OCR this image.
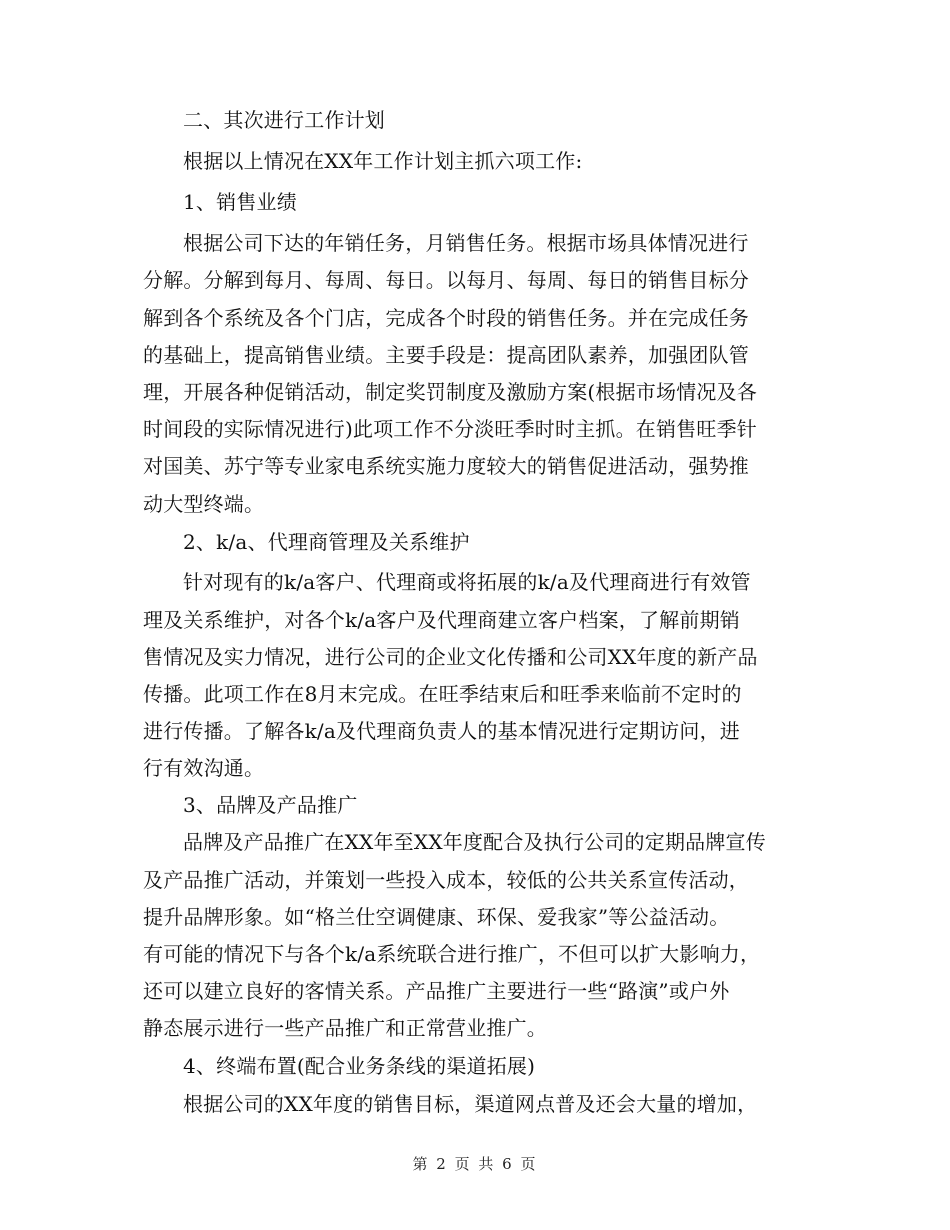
二、其次进行工作计划
根据以上情况在XX年工作计划主抓六项工作:
1、销售业绩
根据公司下达的年销任务，月销售任务。根据市场具体情况进行
分解。分解到每月、每周、每日。以每月、每周、每日的销售目标分
解到各个系统及各个门店，完成各个时段的销售任务。并在完成任务
的基础上，提高销售业绩。主要手段是：提高团队素养，加强团队管
理，开展各种促销活动，制定奖罚制度及激励方案(根据市场情况及各
时间段的实际情况进行)此项工作不分淡旺季时时主抓。在销售旺季针
对国美、苏宁等专业家电系统实施力度较大的销售促进活动，强势推
动大型终端。
2、k/a、代理商管理及关系维护
针对现有的k/a客户、代理商或将拓展的k/a及代理商进行有效管
理及关系维护，对各个k/a客户及代理商建立客户档案，了解前期销
售情况及实力情况，进行公司的企业文化传播和公司XX年度的新产品
传播。此项工作在8月末完成。在旺季结束后和旺季来临前不定时的
进行传播。了解各k/a及代理商负责人的基本情况进行定期访问，进
行有效沟通。
3、品牌及产品推广
品牌及产品推广在XX年至XX年度配合及执行公司的定期品牌宣传
及产品推广活动，并策划一些投入成本，较低的公共关系宣传活动，
提升品牌形象。如“格兰仕空调健康、环保、爱我家”等公益活动。
有可能的情况下与各个k/a系统联合进行推广，不但可以扩大影响力，
还可以建立良好的客情关系。产品推广主要进行一些“路演”或户外
静态展示进行一些产品推广和正常营业推广。
4、终端布置(配合业务条线的渠道拓展)
根据公司的XX年度的销售目标，渠道网点普及还会大量的增加，
第 2 页 共 6 页
